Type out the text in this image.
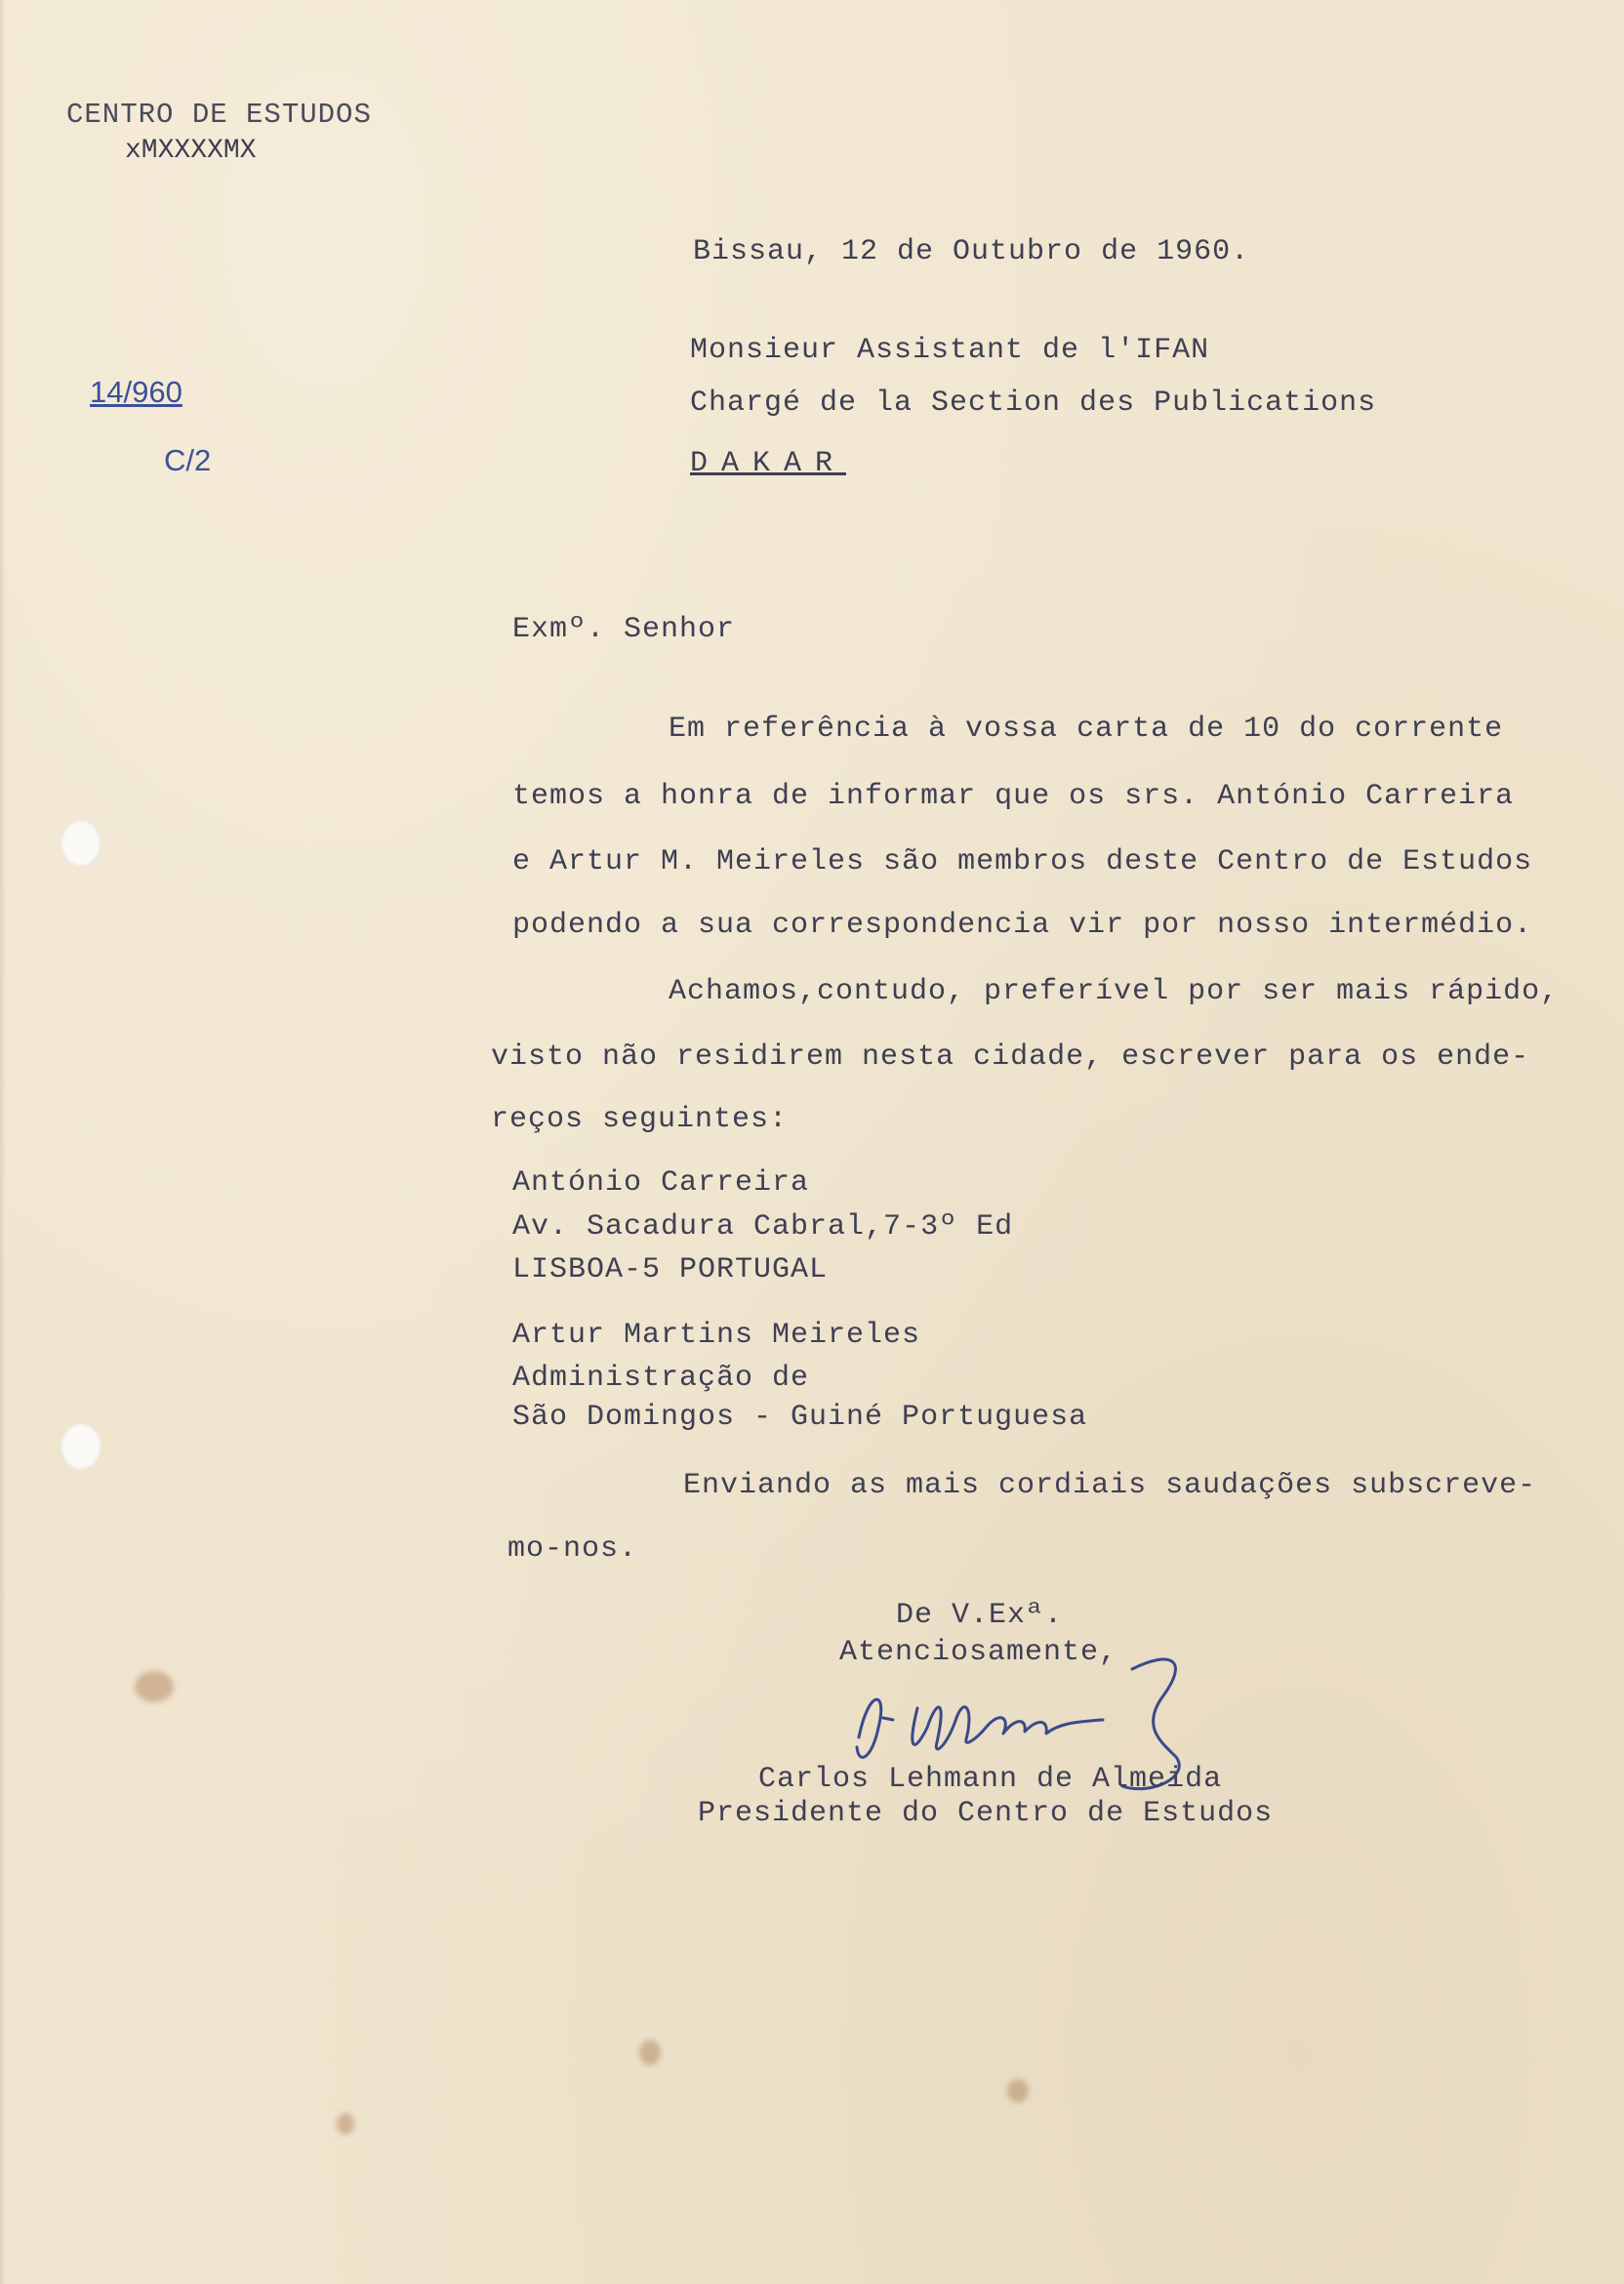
CENTRO DE ESTUDOS
xMXXXXMX
14/960
C/2
Bissau, 12 de Outubro de 1960.
Monsieur Assistant de l'IFAN
Chargé de la Section des Publications
DAKAR
Exmº. Senhor
Em referência à vossa carta de 10 do corrente
temos a honra de informar que os srs. António Carreira
e Artur M. Meireles são membros deste Centro de Estudos
podendo a sua correspondencia vir por nosso intermédio.
Achamos,contudo, preferível por ser mais rápido,
visto não residirem nesta cidade, escrever para os ende-
reços seguintes:
António Carreira
Av. Sacadura Cabral,7-3º Ed
LISBOA-5 PORTUGAL
Artur Martins Meireles
Administração de
São Domingos - Guiné Portuguesa
Enviando as mais cordiais saudações subscreve-
mo-nos.
De V.Exª.
Atenciosamente,
Carlos Lehmann de Almeida
Presidente do Centro de Estudos
